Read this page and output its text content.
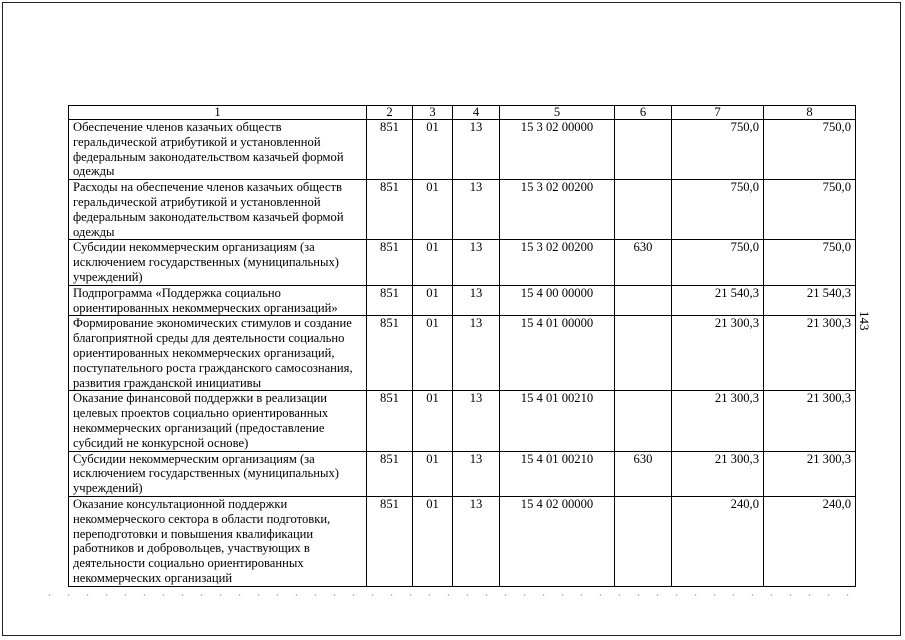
1	2	3	4	5	6	7	8
Обеспечение членов казачьих обществ геральдической атрибутикой и установленной федеральным законодательством казачьей формой одежды	851	01	13	15 3 02 00000		750,0	750,0
Расходы на обеспечение членов казачьих обществ геральдической атрибутикой и установленной федеральным законодательством казачьей формой одежды	851	01	13	15 3 02 00200		750,0	750,0
Субсидии некоммерческим организациям (за исключением государственных (муниципальных) учреждений)	851	01	13	15 3 02 00200	630	750,0	750,0
Подпрограмма «Поддержка социально ориентированных некоммерческих организаций»	851	01	13	15 4 00 00000		21 540,3	21 540,3
Формирование экономических стимулов и создание благоприятной среды для деятельности социально ориентированных некоммерческих организаций, поступательного роста гражданского самосознания, развития гражданской инициативы	851	01	13	15 4 01 00000		21 300,3	21 300,3
Оказание финансовой поддержки в реализации целевых проектов социально ориентированных некоммерческих организаций (предоставление субсидий не конкурсной основе)	851	01	13	15 4 01 00210		21 300,3	21 300,3
Субсидии некоммерческим организациям (за исключением государственных (муниципальных) учреждений)	851	01	13	15 4 01 00210	630	21 300,3	21 300,3
Оказание консультационной поддержки некоммерческого сектора в области подготовки, переподготовки и повышения квалификации работников и добровольцев, участвующих в деятельности социально ориентированных некоммерческих организаций	851	01	13	15 4 02 00000		240,0	240,0
143
